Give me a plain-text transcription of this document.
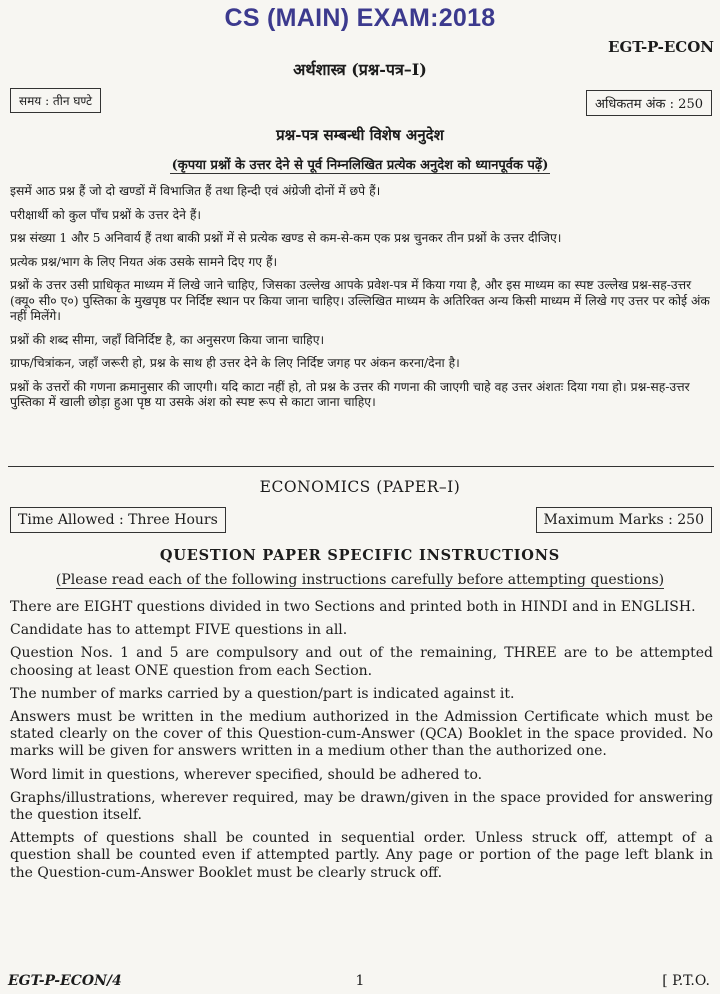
CS (MAIN) EXAM:2018
EGT-P-ECON
अर्थशास्त्र (प्रश्न-पत्र–I)
समय : तीन घण्टे	अधिकतम अंक : 250
प्रश्न-पत्र सम्बन्धी विशेष अनुदेश
(कृपया प्रश्नों के उत्तर देने से पूर्व निम्नलिखित प्रत्येक अनुदेश को ध्यानपूर्वक पढ़ें)

इसमें आठ प्रश्न हैं जो दो खण्डों में विभाजित हैं तथा हिन्दी एवं अंग्रेजी दोनों में छपे हैं।

परीक्षार्थी को कुल पाँच प्रश्नों के उत्तर देने हैं।

प्रश्न संख्या 1 और 5 अनिवार्य हैं तथा बाकी प्रश्नों में से प्रत्येक खण्ड से कम-से-कम एक प्रश्न चुनकर तीन प्रश्नों के उत्तर दीजिए।

प्रत्येक प्रश्न/भाग के लिए नियत अंक उसके सामने दिए गए हैं।

प्रश्नों के उत्तर उसी प्राधिकृत माध्यम में लिखे जाने चाहिए, जिसका उल्लेख आपके प्रवेश-पत्र में किया गया है, और इस माध्यम का स्पष्ट उल्लेख प्रश्न-सह-उत्तर (क्यू० सी० ए०) पुस्तिका के मुखपृष्ठ पर निर्दिष्ट स्थान पर किया जाना चाहिए। उल्लिखित माध्यम के अतिरिक्त अन्य किसी माध्यम में लिखे गए उत्तर पर कोई अंक नहीं मिलेंगे।

प्रश्नों की शब्द सीमा, जहाँ विनिर्दिष्ट है, का अनुसरण किया जाना चाहिए।

ग्राफ/चित्रांकन, जहाँ जरूरी हो, प्रश्न के साथ ही उत्तर देने के लिए निर्दिष्ट जगह पर अंकन करना/देना है।

प्रश्नों के उत्तरों की गणना क्रमानुसार की जाएगी। यदि काटा नहीं हो, तो प्रश्न के उत्तर की गणना की जाएगी चाहे वह उत्तर अंशतः दिया गया हो। प्रश्न-सह-उत्तर पुस्तिका में खाली छोड़ा हुआ पृष्ठ या उसके अंश को स्पष्ट रूप से काटा जाना चाहिए।

ECONOMICS (PAPER–I)
Time Allowed : Three Hours	Maximum Marks : 250
QUESTION PAPER SPECIFIC INSTRUCTIONS
(Please read each of the following instructions carefully before attempting questions)

There are EIGHT questions divided in two Sections and printed both in HINDI and in ENGLISH.

Candidate has to attempt FIVE questions in all.

Question Nos. 1 and 5 are compulsory and out of the remaining, THREE are to be attempted choosing at least ONE question from each Section.

The number of marks carried by a question/part is indicated against it.

Answers must be written in the medium authorized in the Admission Certificate which must be stated clearly on the cover of this Question-cum-Answer (QCA) Booklet in the space provided. No marks will be given for answers written in a medium other than the authorized one.

Word limit in questions, wherever specified, should be adhered to.

Graphs/illustrations, wherever required, may be drawn/given in the space provided for answering the question itself.

Attempts of questions shall be counted in sequential order. Unless struck off, attempt of a question shall be counted even if attempted partly. Any page or portion of the page left blank in the Question-cum-Answer Booklet must be clearly struck off.

EGT-P-ECON/4	1	[ P.T.O.
